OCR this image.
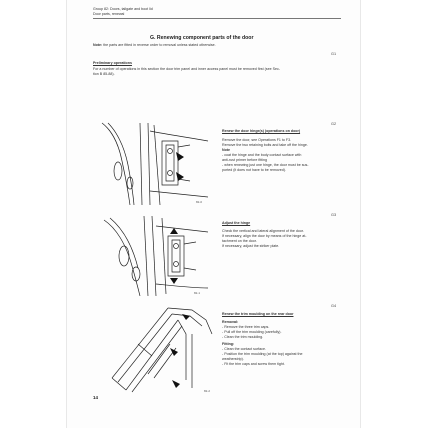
Group 82: Doors, tailgate and boot lid
Door parts, renewal
G. Renewing component parts of the door
Note: the parts are fitted in reverse order to removal unless stated otherwise.
G1
Preliminary operations
For a number of operations in this section the door trim panel and inner access panel must be removed first (see Sec-
tion B 85-88).
82-0
G2
Renew the door hinge(s) (operations on door)
Remove the door, see Operations F1 to F3.
Remove the two retaining bolts and take off the hinge.
Note
- coat the hinge and the body contact surface with
anti-rust primer before fitting
- when renewing just one hinge, the door must be sus-
ported (it does not have to be removed).
82-1
G3
Adjust the hinge
Check the vertical and lateral alignment of the door.
If necessary, align the door by means of the hinge at-
tachment on the door.
If necessary, adjust the striker plate.
82-2
G4
Renew the trim moulding on the rear door
Removal:
- Remove the three trim caps.
- Pull off the trim moulding (carefully).
- Clean the trim moulding.
Fitting:
- Clean the contact surface.
- Position the trim moulding (at the top) against the
weatherstrip).
- Fit the trim caps and screw them tight.
14
